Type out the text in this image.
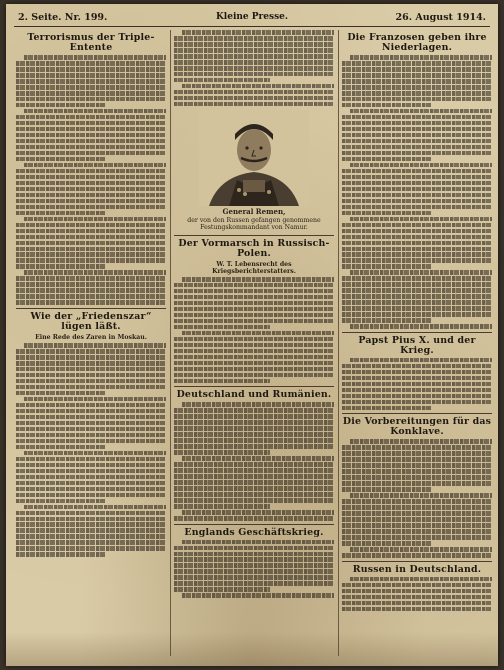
2. Seite. Nr. 199.	Kleine Presse.	26. August 1914.
Terrorismus der Triple-Entente
Wie der „Friedenszar“ lügen läßt.
Eine Rede des Zaren in Moskau.
General Remen,
der von den Russen gefangen genommene
Festungskommandant von Namur.
Der Vormarsch in Russisch-Polen.
W. T. Lebensrecht des Kriegsberichterstatters.
Deutschland und Rumänien.
Englands Geschäftskrieg.
Die Franzosen geben ihre Niederlagen.
Papst Pius X. und der Krieg.
Die Vorbereitungen für das Konklave.
Russen in Deutschland.
